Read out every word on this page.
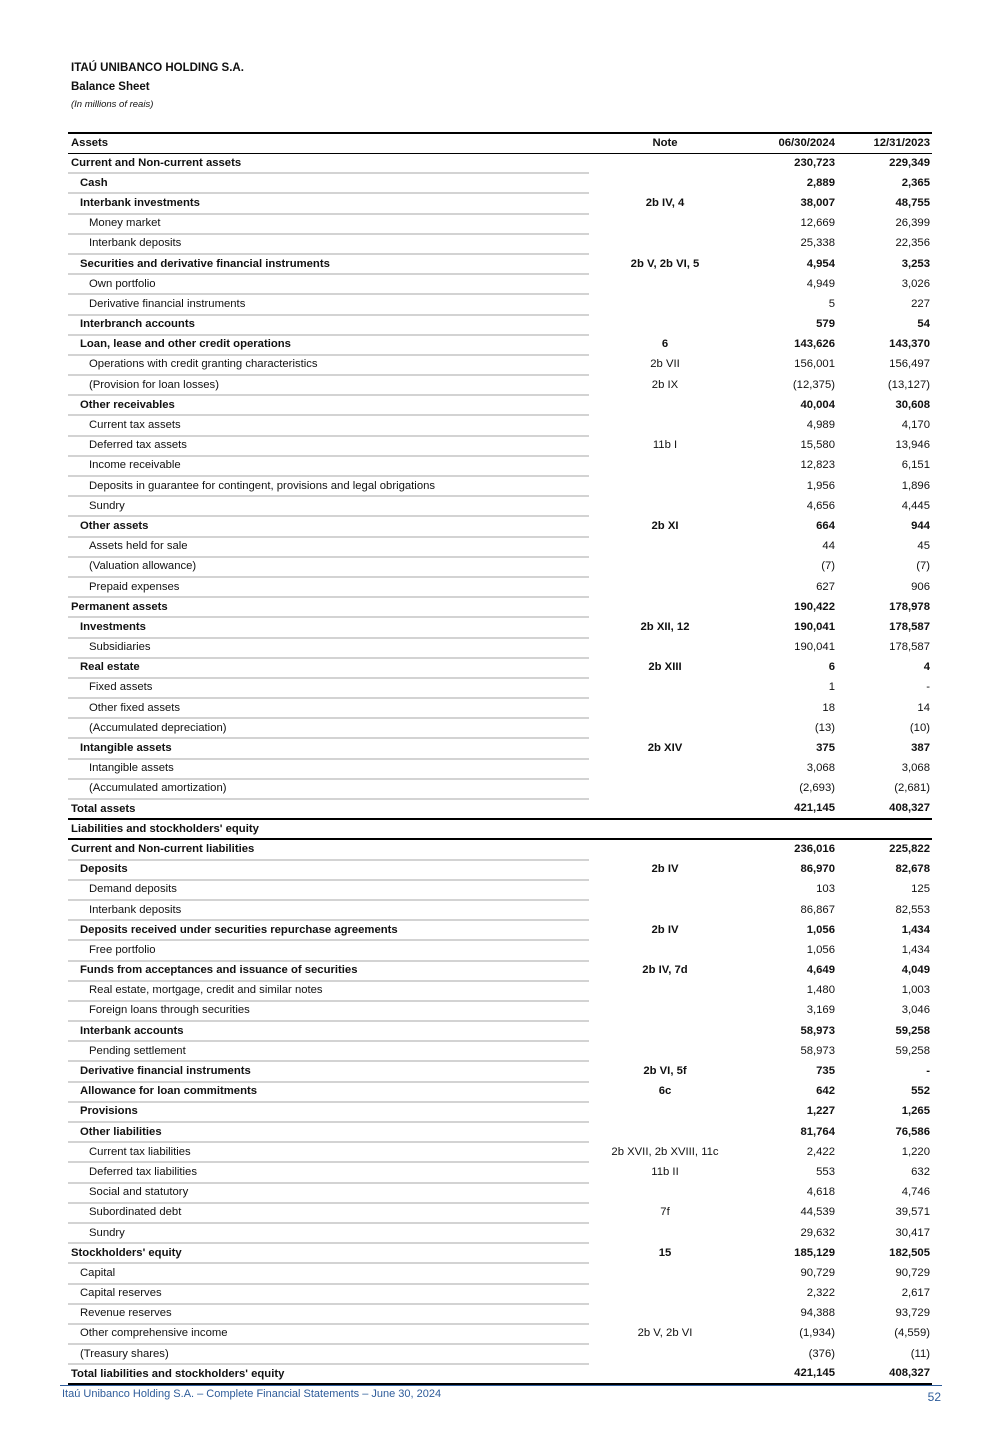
ITAÚ UNIBANCO HOLDING S.A.
Balance Sheet
(In millions of reais)
Assets	Note	06/30/2024	12/31/2023
Current and Non-current assets		230,723	229,349
Cash		2,889	2,365
Interbank investments	2b IV, 4	38,007	48,755
Money market		12,669	26,399
Interbank deposits		25,338	22,356
Securities and derivative financial instruments	2b V, 2b VI, 5	4,954	3,253
Own portfolio		4,949	3,026
Derivative financial instruments		5	227
Interbranch accounts		579	54
Loan, lease and other credit operations	6	143,626	143,370
Operations with credit granting characteristics	2b VII	156,001	156,497
(Provision for loan losses)	2b IX	(12,375)	(13,127)
Other receivables		40,004	30,608
Current tax assets		4,989	4,170
Deferred tax assets	11b I	15,580	13,946
Income receivable		12,823	6,151
Deposits in guarantee for contingent, provisions and legal obrigations		1,956	1,896
Sundry		4,656	4,445
Other assets	2b XI	664	944
Assets held for sale		44	45
(Valuation allowance)		(7)	(7)
Prepaid expenses		627	906
Permanent assets		190,422	178,978
Investments	2b XII, 12	190,041	178,587
Subsidiaries		190,041	178,587
Real estate	2b XIII	6	4
Fixed assets		1	-
Other fixed assets		18	14
(Accumulated depreciation)		(13)	(10)
Intangible assets	2b XIV	375	387
Intangible assets		3,068	3,068
(Accumulated amortization)		(2,693)	(2,681)
Total assets		421,145	408,327
Liabilities and stockholders' equity			
Current and Non-current liabilities		236,016	225,822
Deposits	2b IV	86,970	82,678
Demand deposits		103	125
Interbank deposits		86,867	82,553
Deposits received under securities repurchase agreements	2b IV	1,056	1,434
Free portfolio		1,056	1,434
Funds from acceptances and issuance of securities	2b IV, 7d	4,649	4,049
Real estate, mortgage, credit and similar notes		1,480	1,003
Foreign loans through securities		3,169	3,046
Interbank accounts		58,973	59,258
Pending settlement		58,973	59,258
Derivative financial instruments	2b VI, 5f	735	-
Allowance for loan commitments	6c	642	552
Provisions		1,227	1,265
Other liabilities		81,764	76,586
Current tax liabilities	2b XVII, 2b XVIII, 11c	2,422	1,220
Deferred tax liabilities	11b II	553	632
Social and statutory		4,618	4,746
Subordinated debt	7f	44,539	39,571
Sundry		29,632	30,417
Stockholders' equity	15	185,129	182,505
Capital		90,729	90,729
Capital reserves		2,322	2,617
Revenue reserves		94,388	93,729
Other comprehensive income	2b V, 2b VI	(1,934)	(4,559)
(Treasury shares)		(376)	(11)
Total liabilities and stockholders' equity		421,145	408,327
Itaú Unibanco Holding S.A. – Complete Financial Statements – June 30, 2024	52
